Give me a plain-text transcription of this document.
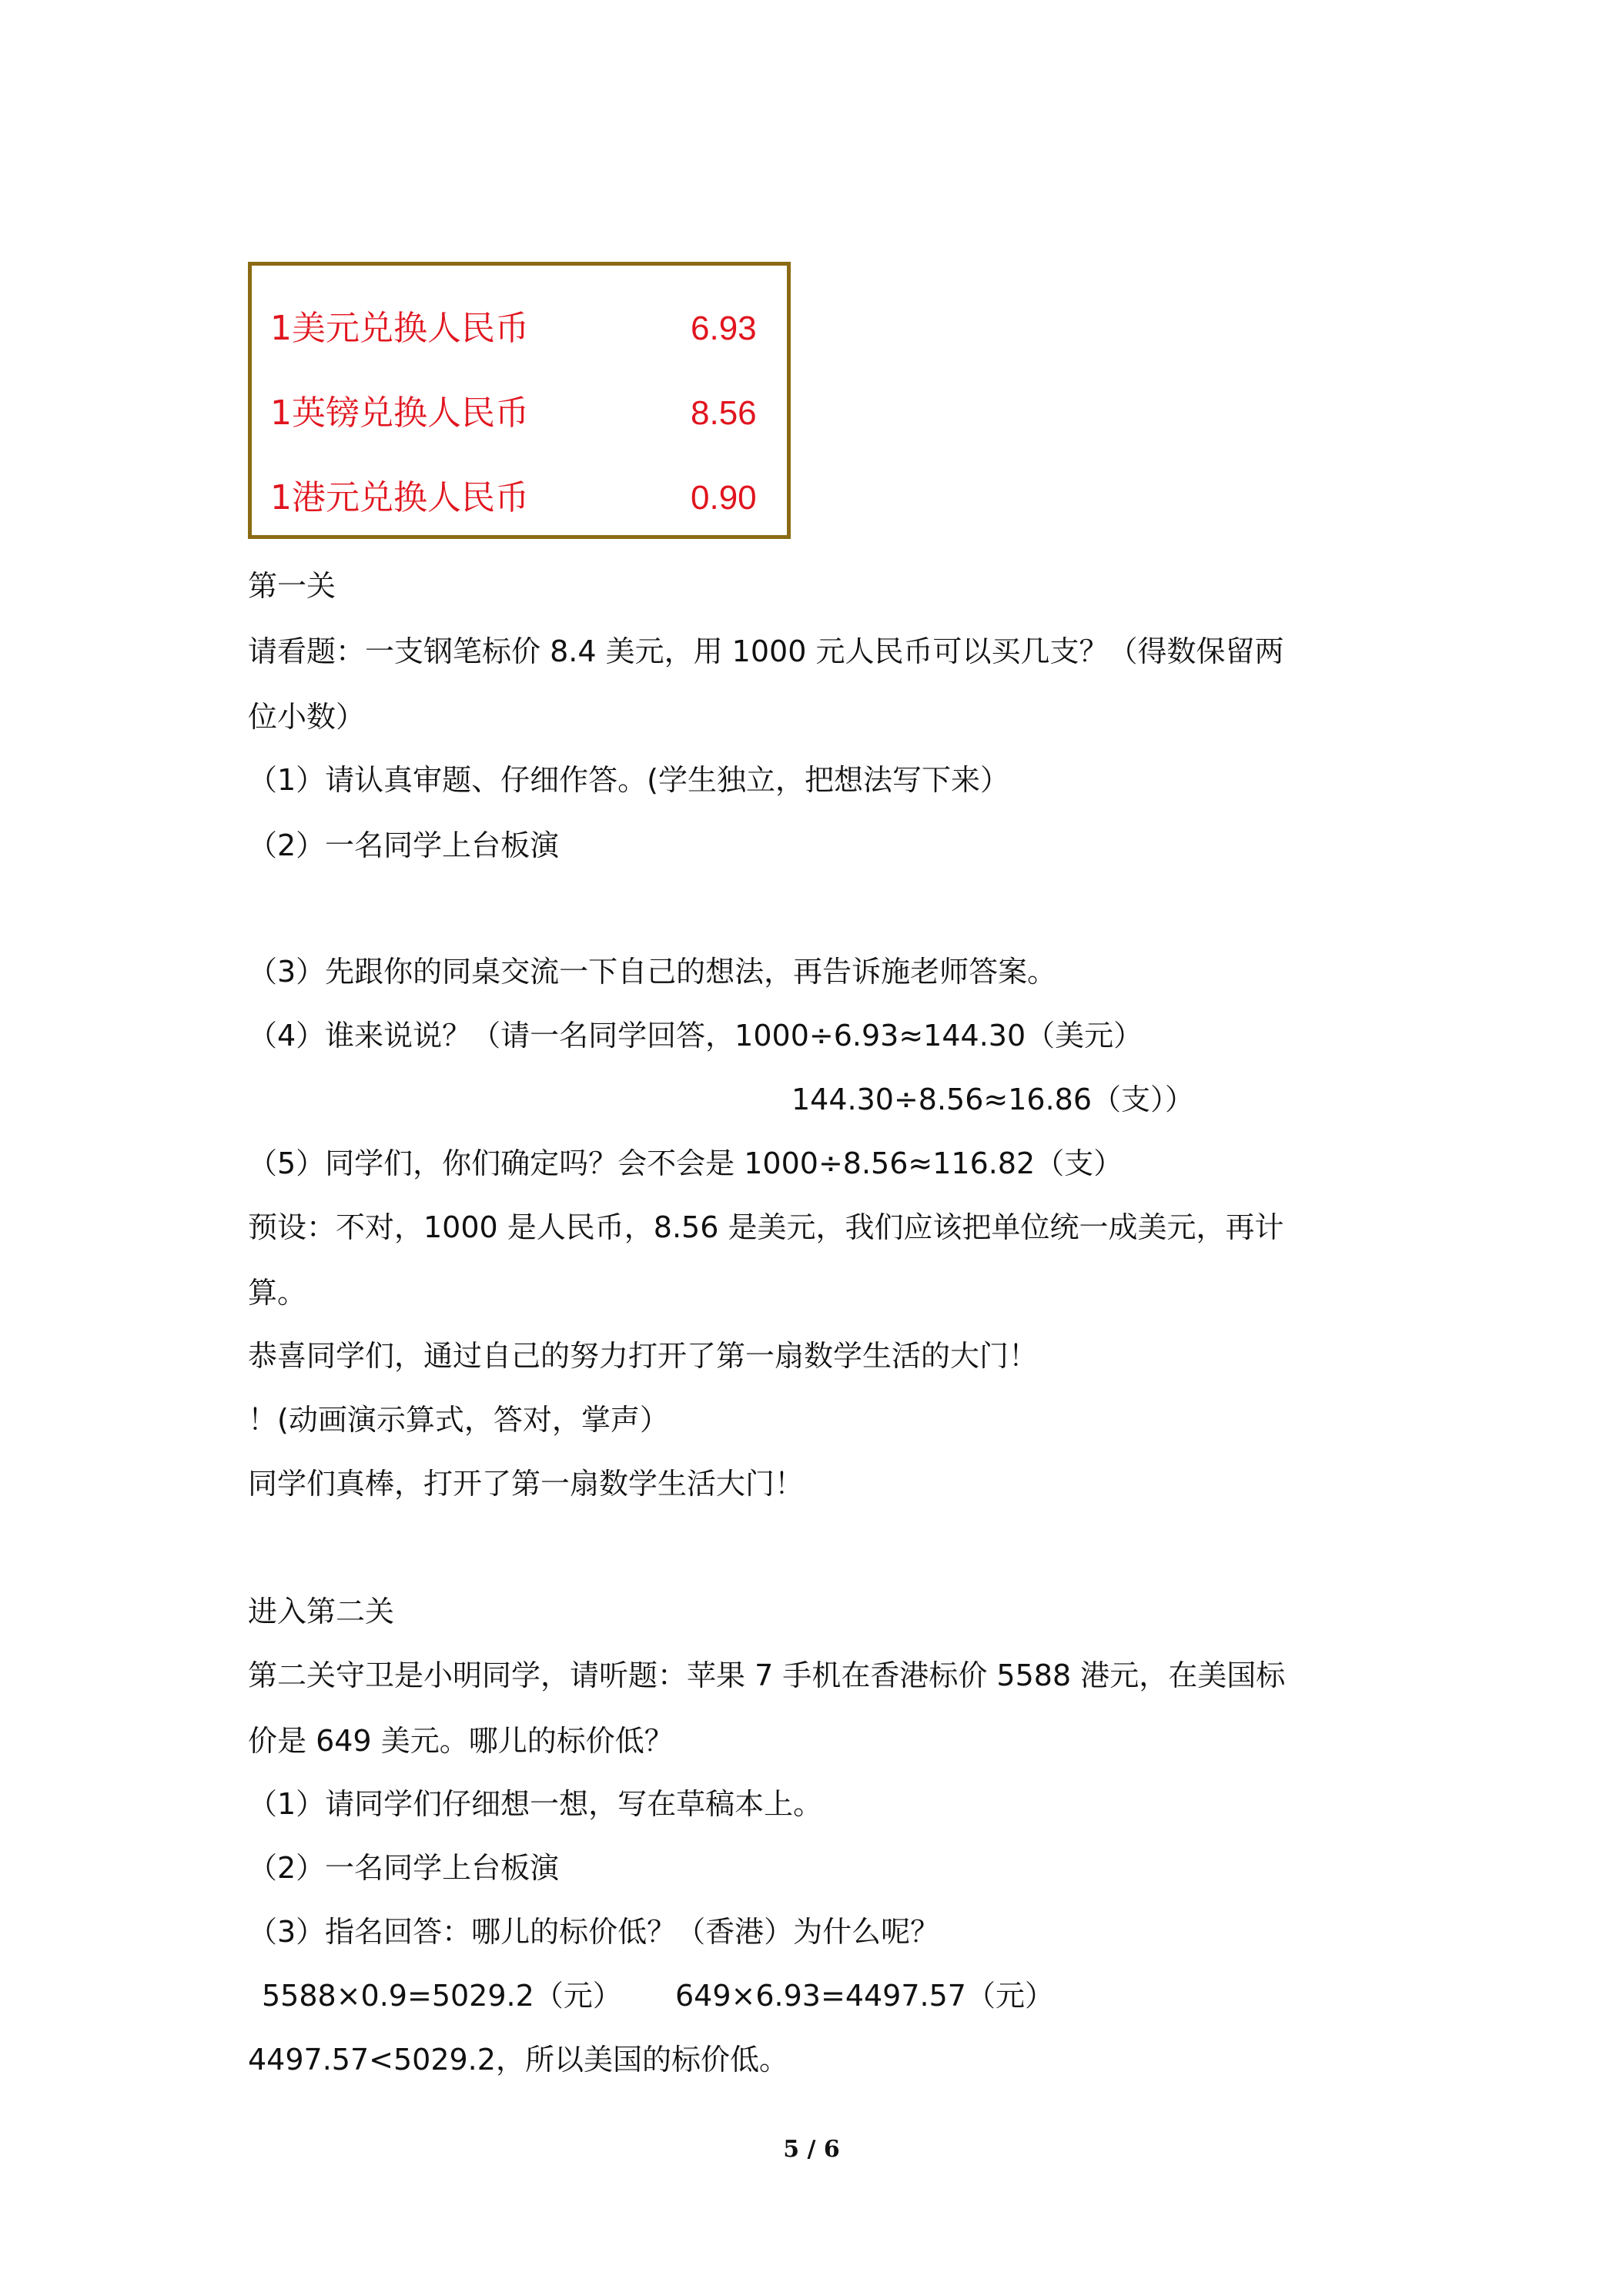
1美元兑换人民币	6.93
1英镑兑换人民币	8.56
1港元兑换人民币	0.90
第一关
请看题：一支钢笔标价 8.4 美元，用 1000 元人民币可以买几支？（得数保留两
位小数）
（1）请认真审题、仔细作答。(学生独立，把想法写下来）
（2）一名同学上台板演
（3）先跟你的同桌交流一下自己的想法，再告诉施老师答案。
（4）谁来说说？（请一名同学回答，1000÷6.93≈144.30（美元）
144.30÷8.56≈16.86（支））
（5）同学们，你们确定吗？会不会是 1000÷8.56≈116.82（支）
预设：不对，1000 是人民币，8.56 是美元，我们应该把单位统一成美元，再计
算。
恭喜同学们，通过自己的努力打开了第一扇数学生活的大门！
！(动画演示算式，答对，掌声）
同学们真棒，打开了第一扇数学生活大门！
进入第二关
第二关守卫是小明同学，请听题：苹果 7 手机在香港标价 5588 港元，在美国标
价是 649 美元。哪儿的标价低？
（1）请同学们仔细想一想，写在草稿本上。
（2）一名同学上台板演
（3）指名回答：哪儿的标价低？（香港）为什么呢？
5588×0.9=5029.2（元） 649×6.93=4497.57（元）
4497.57<5029.2，所以美国的标价低。
5 / 6
